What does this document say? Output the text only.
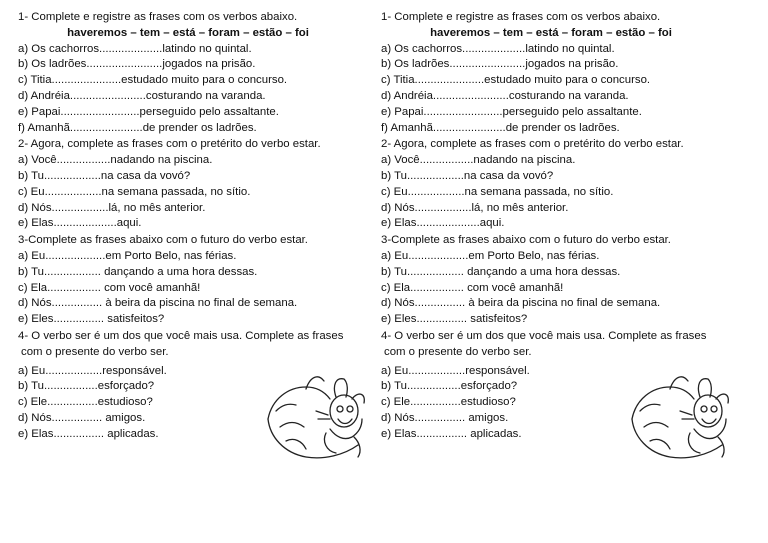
1- Complete e registre as frases com os verbos abaixo.
haveremos – tem – está – foram – estão – foi
a) Os cachorros....................latindo no quintal.
b) Os ladrões........................jogados na prisão.
c) Titia......................estudado muito para o concurso.
d) Andréia........................costurando na varanda.
e) Papai.........................perseguido pelo assaltante.
f) Amanhã.......................de prender os ladrões.
2- Agora, complete as frases com o pretérito do verbo estar.
a) Você.................nadando na piscina.
b) Tu..................na casa da vovó?
c) Eu..................na semana passada, no sítio.
d) Nós..................lá, no mês anterior.
e) Elas....................aqui.
3-Complete as frases abaixo com o futuro do verbo estar.
a) Eu...................em Porto Belo, nas férias.
b) Tu.................. dançando a uma hora dessas.
c) Ela................. com você amanhã!
d) Nós................ à beira da piscina no final de semana.
e) Eles................ satisfeitos?
4- O verbo ser é um dos que você mais usa. Complete as frases
com o presente do verbo ser.
a) Eu..................responsável.
b) Tu.................esforçado?
c) Ele................estudioso?
d) Nós................ amigos.
e) Elas................ aplicadas.
1- Complete e registre as frases com os verbos abaixo.
haveremos – tem – está – foram – estão – foi
a) Os cachorros....................latindo no quintal.
b) Os ladrões........................jogados na prisão.
c) Titia......................estudado muito para o concurso.
d) Andréia........................costurando na varanda.
e) Papai.........................perseguido pelo assaltante.
f) Amanhã.......................de prender os ladrões.
2- Agora, complete as frases com o pretérito do verbo estar.
a) Você.................nadando na piscina.
b) Tu..................na casa da vovó?
c) Eu..................na semana passada, no sítio.
d) Nós..................lá, no mês anterior.
e) Elas....................aqui.
3-Complete as frases abaixo com o futuro do verbo estar.
a) Eu...................em Porto Belo, nas férias.
b) Tu.................. dançando a uma hora dessas.
c) Ela................. com você amanhã!
d) Nós................ à beira da piscina no final de semana.
e) Eles................ satisfeitos?
4- O verbo ser é um dos que você mais usa. Complete as frases
com o presente do verbo ser.
a) Eu..................responsável.
b) Tu.................esforçado?
c) Ele................estudioso?
d) Nós................ amigos.
e) Elas................ aplicadas.
